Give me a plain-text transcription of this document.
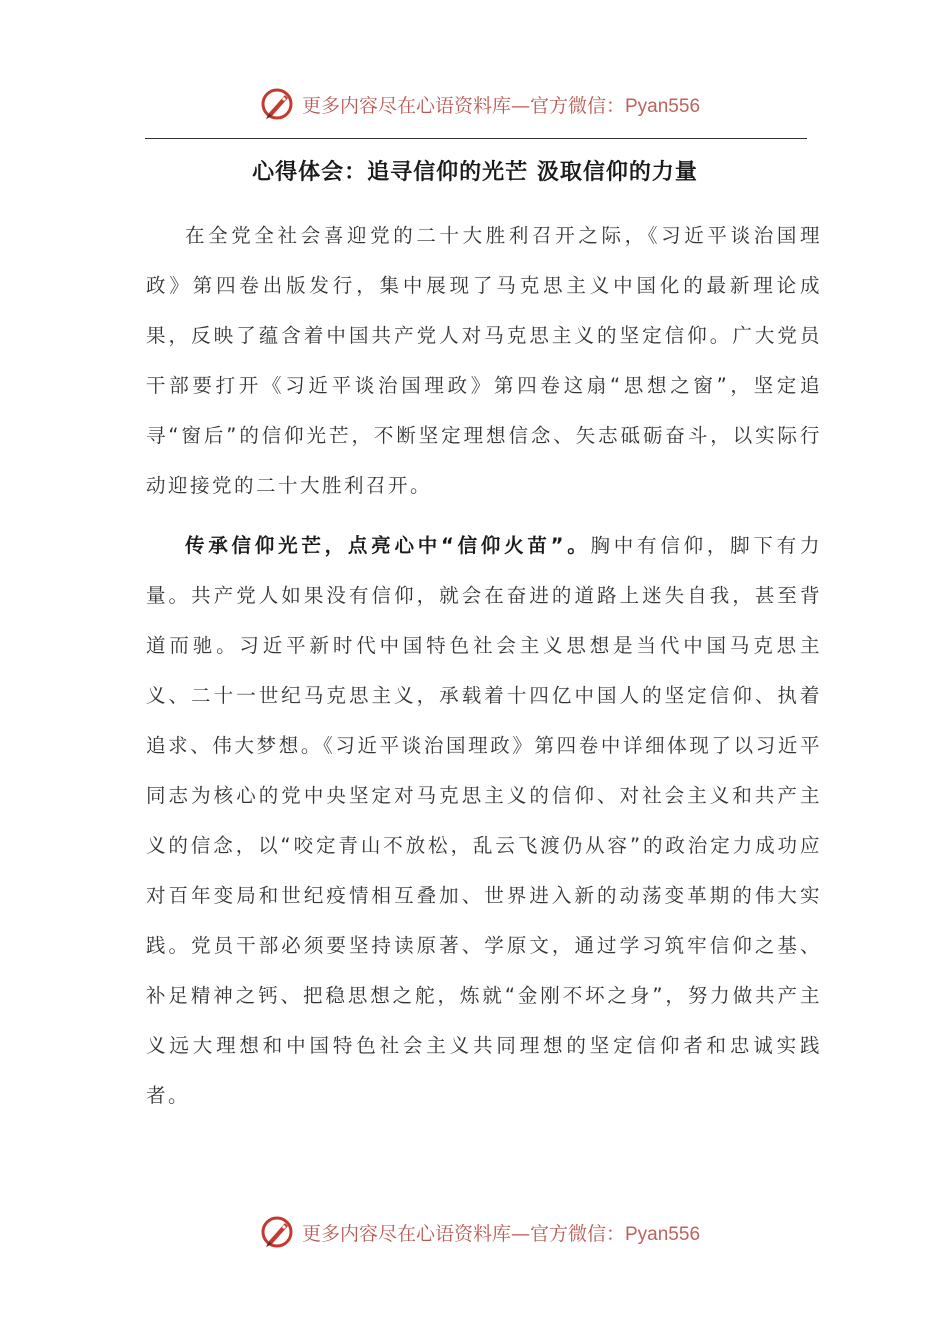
更多内容尽在心语资料库—官方微信：Pyan556
心得体会：追寻信仰的光芒 汲取信仰的力量

在全党全社会喜迎党的二十大胜利召开之际，《习近平谈治国理政》第四卷出版发行，集中展现了马克思主义中国化的最新理论成果，反映了蕴含着中国共产党人对马克思主义的坚定信仰。广大党员干部要打开《习近平谈治国理政》第四卷这扇“思想之窗”，坚定追寻“窗后”的信仰光芒，不断坚定理想信念、矢志砥砺奋斗，以实际行动迎接党的二十大胜利召开。

传承信仰光芒，点亮心中“信仰火苗”。胸中有信仰，脚下有力量。共产党人如果没有信仰，就会在奋进的道路上迷失自我，甚至背道而驰。习近平新时代中国特色社会主义思想是当代中国马克思主义、二十一世纪马克思主义，承载着十四亿中国人的坚定信仰、执着追求、伟大梦想。《习近平谈治国理政》第四卷中详细体现了以习近平同志为核心的党中央坚定对马克思主义的信仰、对社会主义和共产主义的信念，以“咬定青山不放松，乱云飞渡仍从容”的政治定力成功应对百年变局和世纪疫情相互叠加、世界进入新的动荡变革期的伟大实践。党员干部必须要坚持读原著、学原文，通过学习筑牢信仰之基、补足精神之钙、把稳思想之舵，炼就“金刚不坏之身”，努力做共产主义远大理想和中国特色社会主义共同理想的坚定信仰者和忠诚实践者。

更多内容尽在心语资料库—官方微信：Pyan556
